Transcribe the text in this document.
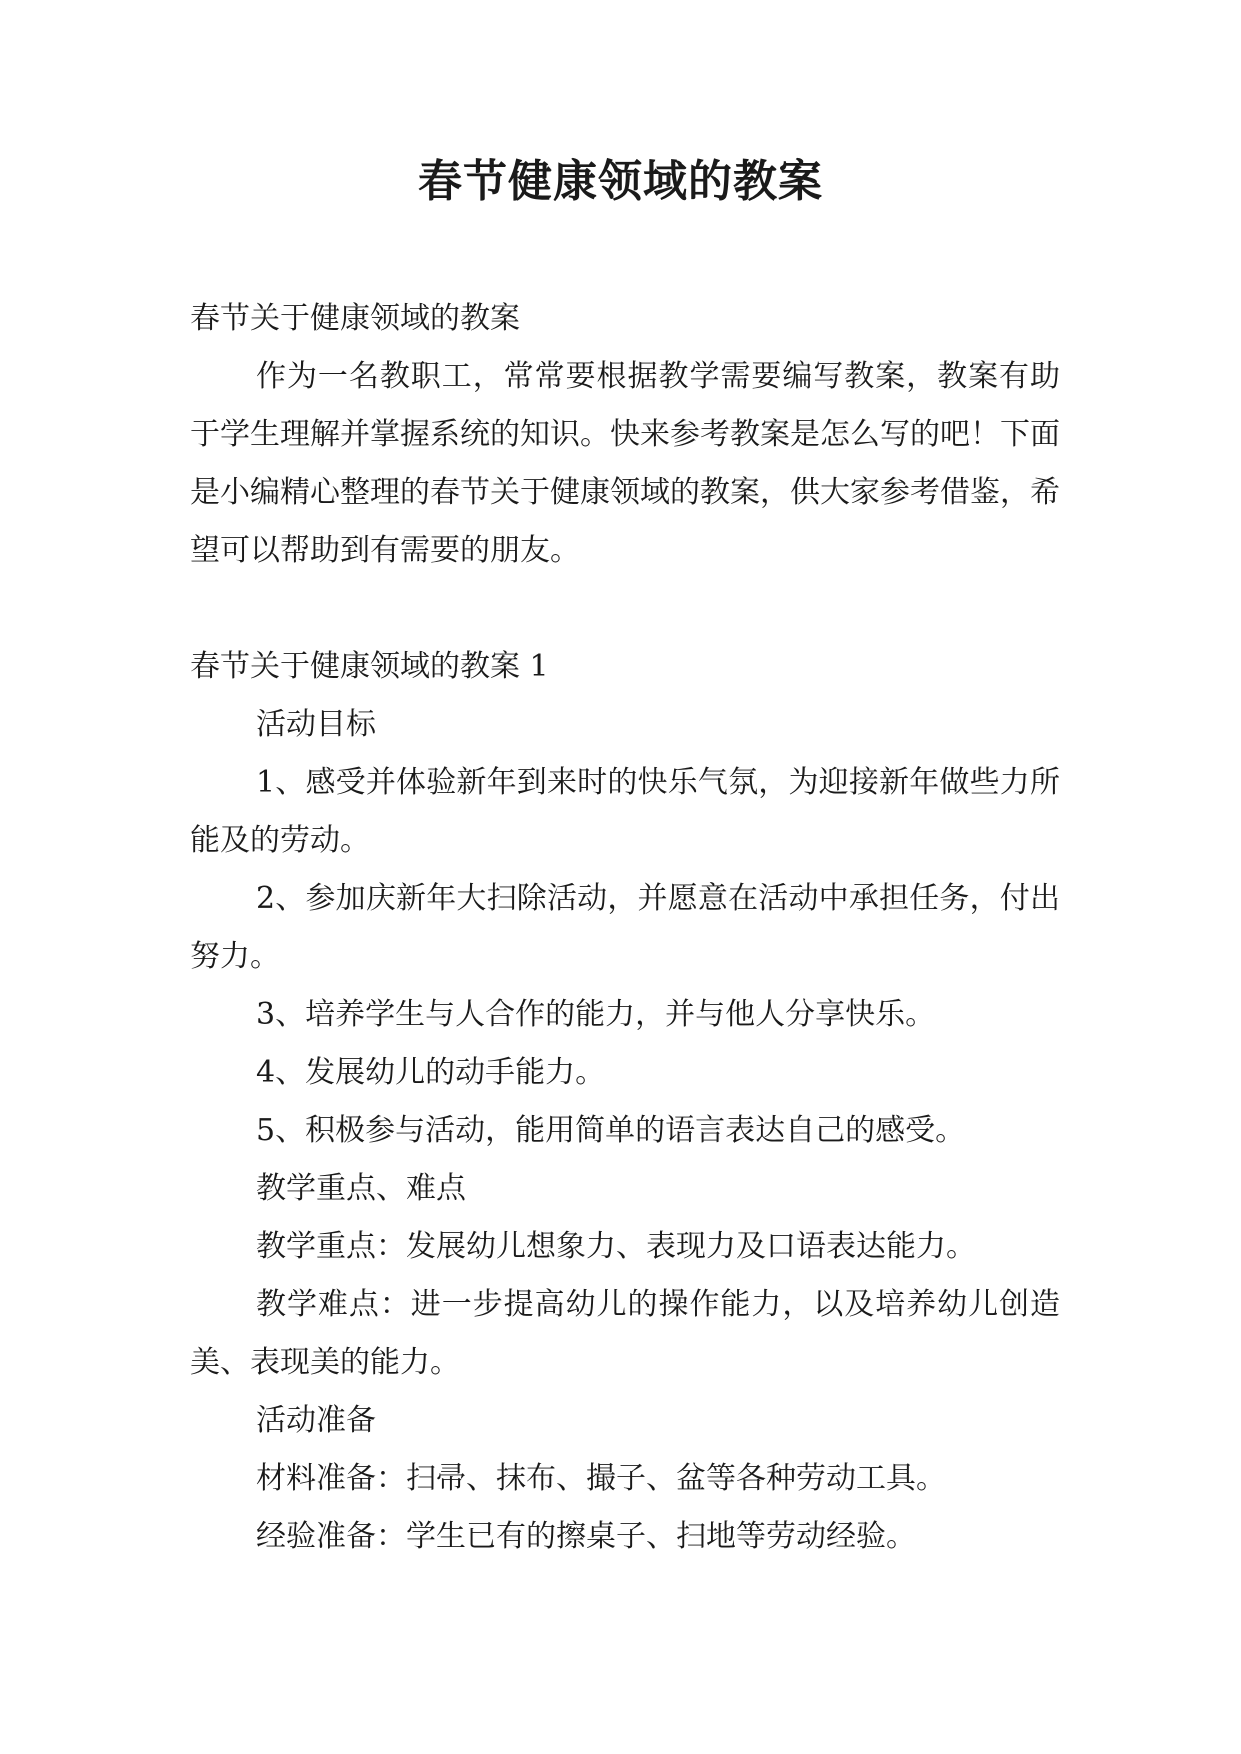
春节健康领域的教案

春节关于健康领域的教案

作为一名教职工，常常要根据教学需要编写教案，教案有助于学生理解并掌握系统的知识。快来参考教案是怎么写的吧！下面是小编精心整理的春节关于健康领域的教案，供大家参考借鉴，希望可以帮助到有需要的朋友。

春节关于健康领域的教案 1

活动目标

1、感受并体验新年到来时的快乐气氛，为迎接新年做些力所能及的劳动。

2、参加庆新年大扫除活动，并愿意在活动中承担任务，付出努力。

3、培养学生与人合作的能力，并与他人分享快乐。

4、发展幼儿的动手能力。

5、积极参与活动，能用简单的语言表达自己的感受。

教学重点、难点

教学重点：发展幼儿想象力、表现力及口语表达能力。

教学难点：进一步提高幼儿的操作能力，以及培养幼儿创造美、表现美的能力。

活动准备

材料准备：扫帚、抹布、撮子、盆等各种劳动工具。

经验准备：学生已有的擦桌子、扫地等劳动经验。
